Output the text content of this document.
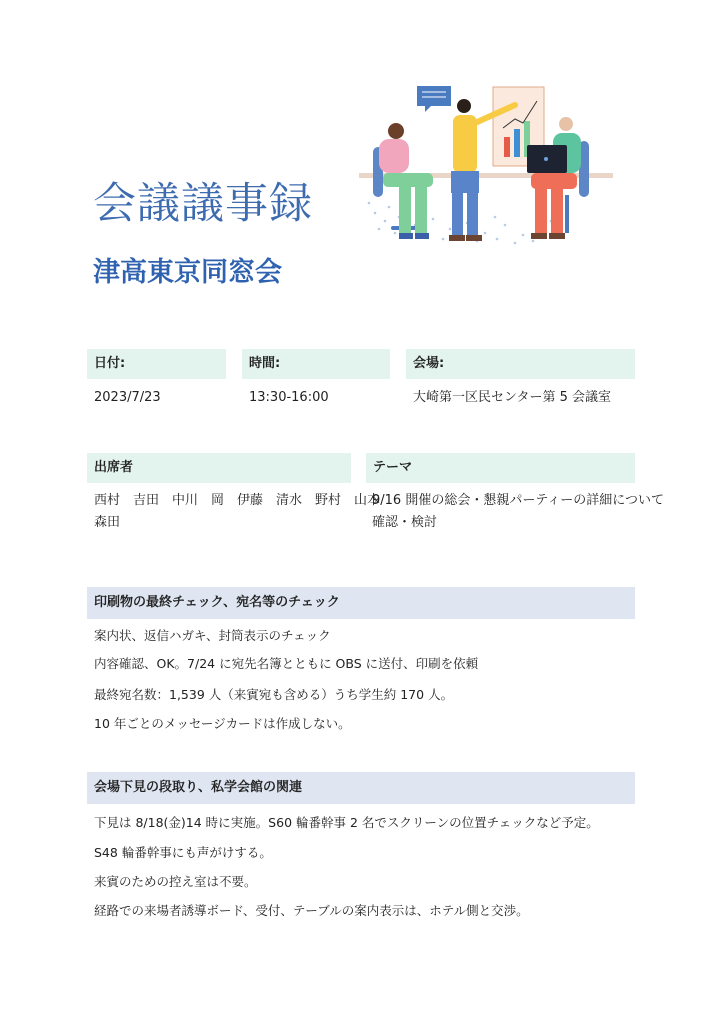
会議議事録
津高東京同窓会
日付:
2023/7/23
時間:
13:30-16:00
会場:
大崎第一区民センター第 5 会議室
出席者
西村　吉田　中川　岡　伊藤　清水　野村　山本
森田
テーマ
9/16 開催の総会・懇親パーティーの詳細について
確認・検討
印刷物の最終チェック、宛名等のチェック
案内状、返信ハガキ、封筒表示のチェック
内容確認、OK。7/24 に宛先名簿とともに OBS に送付、印刷を依頼
最終宛名数：1,539 人（来賓宛も含める）うち学生約 170 人。
10 年ごとのメッセージカードは作成しない。
会場下見の段取り、私学会館の関連
下見は 8/18(金)14 時に実施。S60 輪番幹事 2 名でスクリーンの位置チェックなど予定。
S48 輪番幹事にも声がけする。
来賓のための控え室は不要。
経路での来場者誘導ボード、受付、テーブルの案内表示は、ホテル側と交渉。
